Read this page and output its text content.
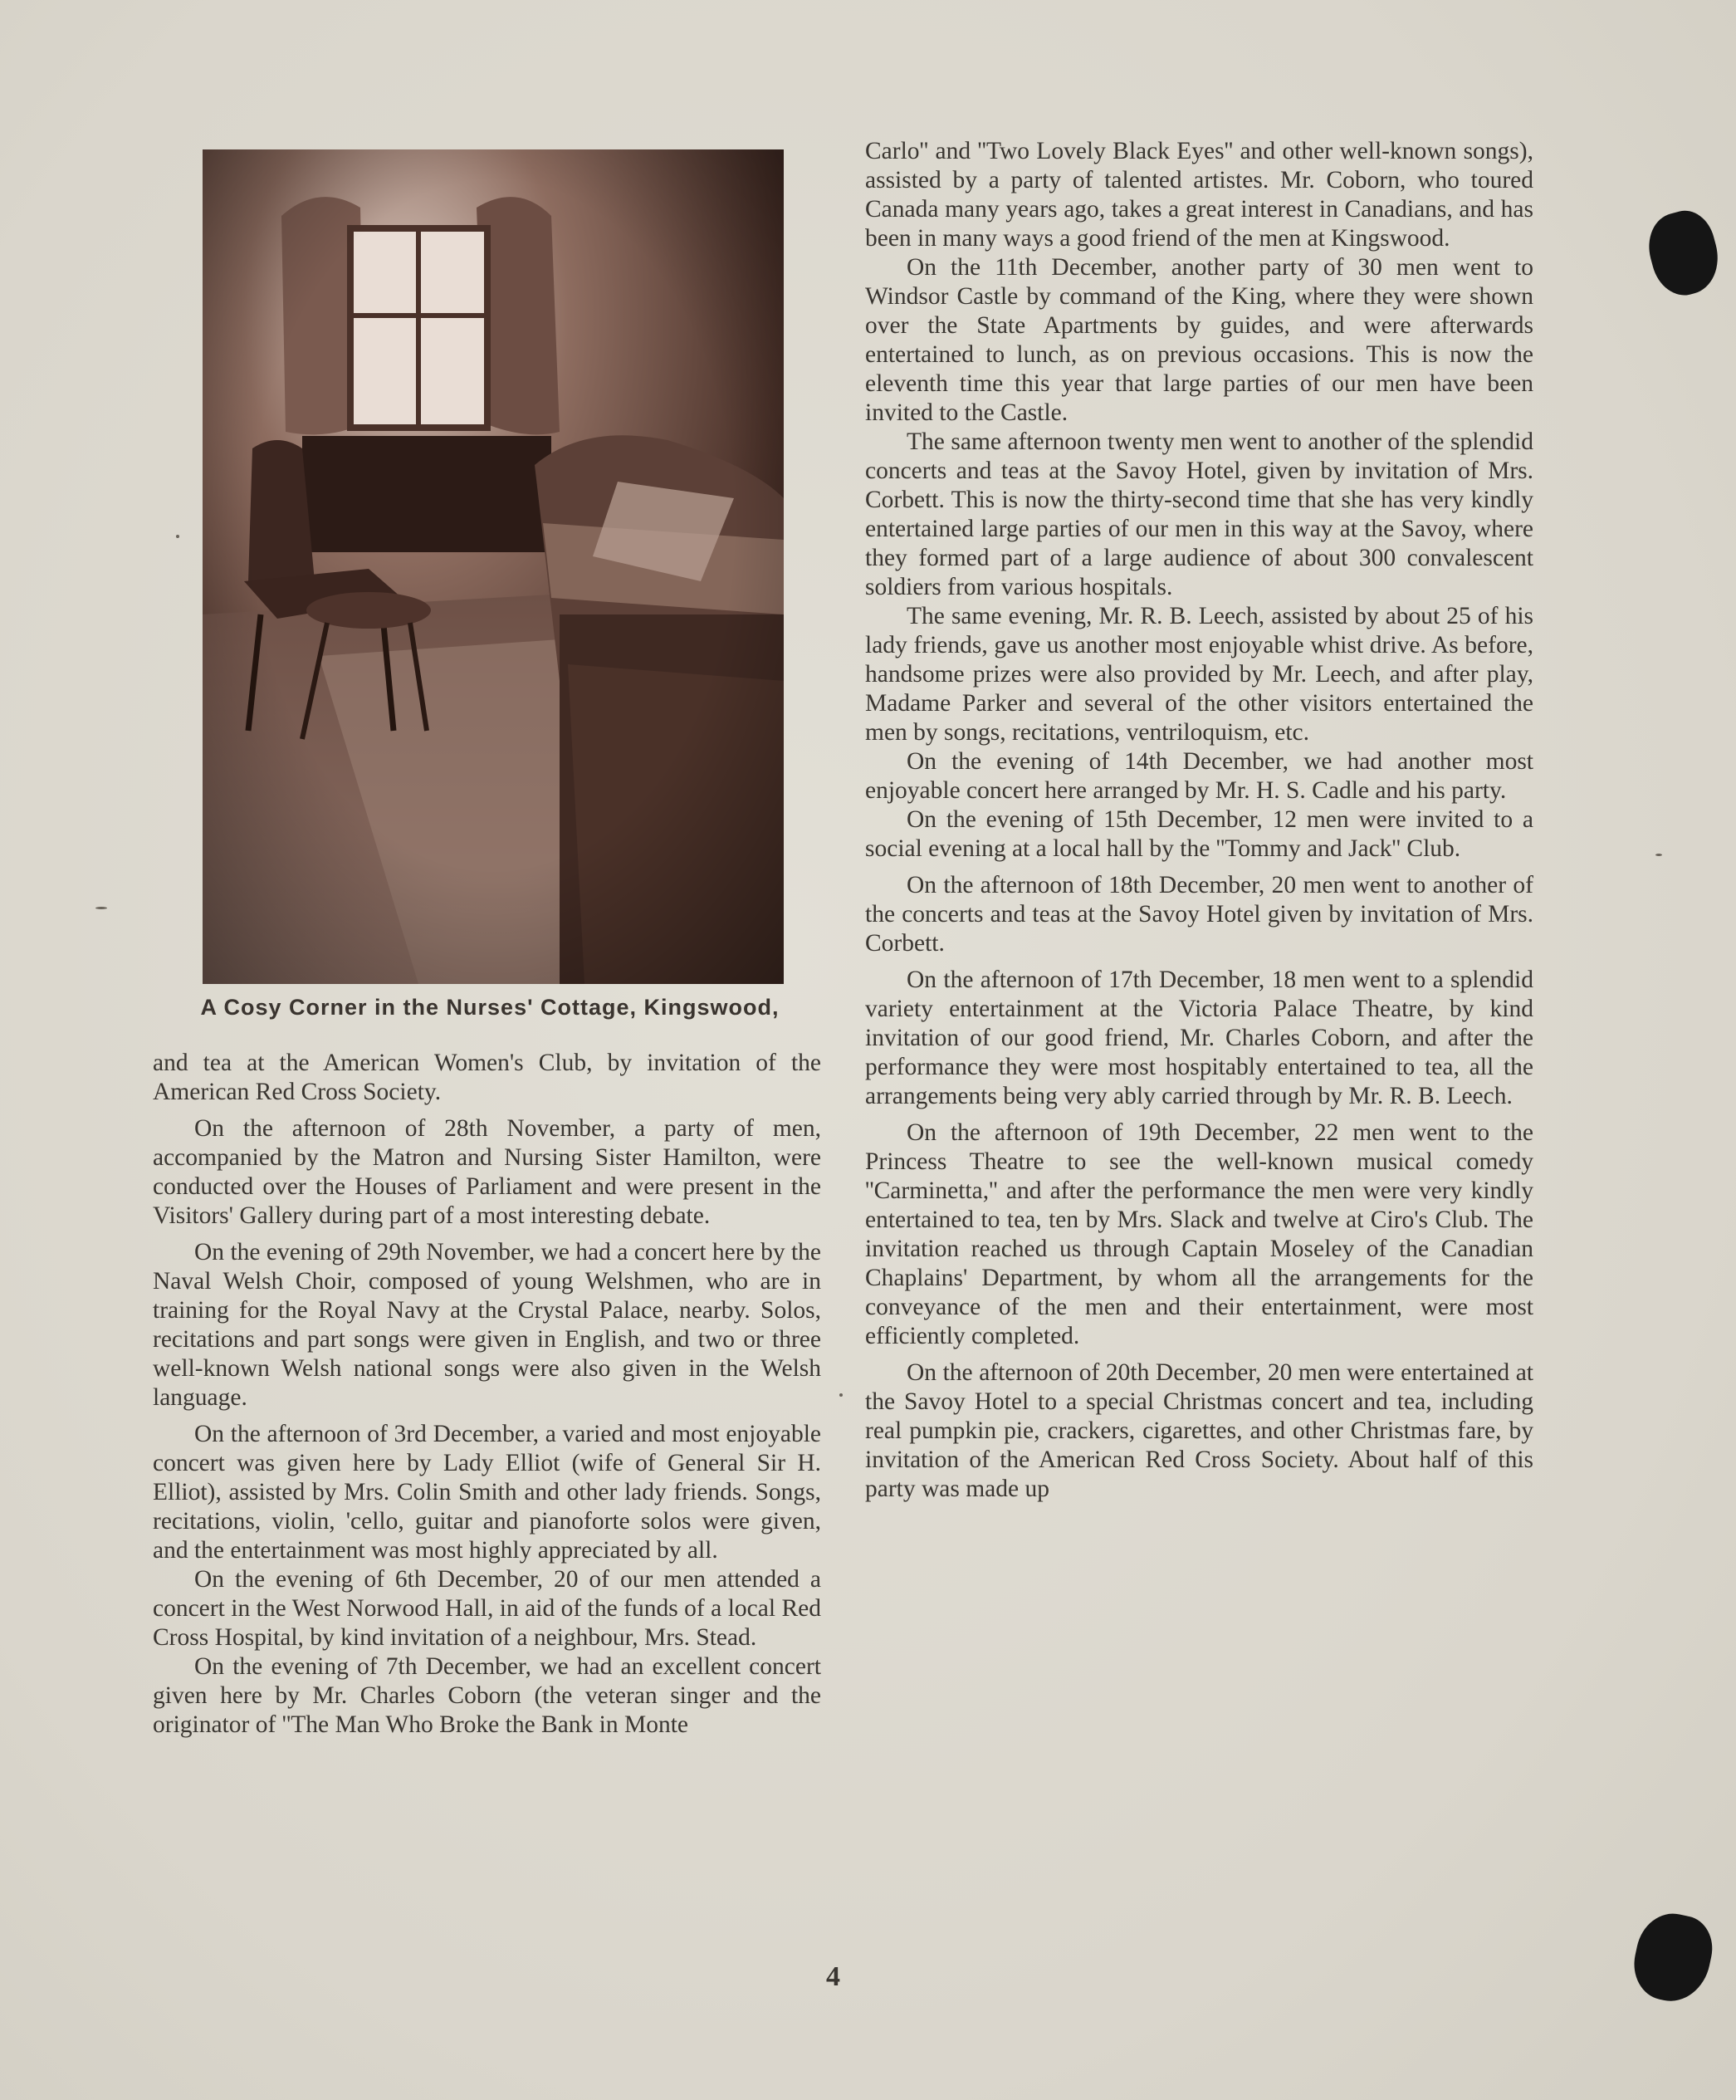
A Cosy Corner in the Nurses' Cottage, Kingswood,

and tea at the American Women's Club, by invitation of the American Red Cross Society.

On the afternoon of 28th November, a party of men, accompanied by the Matron and Nursing Sister Hamilton, were conducted over the Houses of Parliament and were present in the Visitors' Gallery during part of a most interesting debate.

On the evening of 29th November, we had a concert here by the Naval Welsh Choir, composed of young Welshmen, who are in training for the Royal Navy at the Crystal Palace, nearby. Solos, recitations and part songs were given in English, and two or three well-known Welsh national songs were also given in the Welsh language.

On the afternoon of 3rd December, a varied and most enjoyable concert was given here by Lady Elliot (wife of General Sir H. Elliot), assisted by Mrs. Colin Smith and other lady friends. Songs, recitations, violin, 'cello, guitar and pianoforte solos were given, and the entertainment was most highly appreciated by all.

On the evening of 6th December, 20 of our men attended a concert in the West Norwood Hall, in aid of the funds of a local Red Cross Hospital, by kind invitation of a neighbour, Mrs. Stead.

On the evening of 7th December, we had an excellent concert given here by Mr. Charles Coborn (the veteran singer and the originator of ''The Man Who Broke the Bank in Monte

Carlo'' and ''Two Lovely Black Eyes'' and other well-known songs), assisted by a party of talented artistes. Mr. Coborn, who toured Canada many years ago, takes a great interest in Canadians, and has been in many ways a good friend of the men at Kingswood.

On the 11th December, another party of 30 men went to Windsor Castle by command of the King, where they were shown over the State Apartments by guides, and were afterwards entertained to lunch, as on previous occasions. This is now the eleventh time this year that large parties of our men have been invited to the Castle.

The same afternoon twenty men went to another of the splendid concerts and teas at the Savoy Hotel, given by invitation of Mrs. Corbett. This is now the thirty-second time that she has very kindly entertained large parties of our men in this way at the Savoy, where they formed part of a large audience of about 300 convalescent soldiers from various hospitals.

The same evening, Mr. R. B. Leech, assisted by about 25 of his lady friends, gave us another most enjoyable whist drive. As before, handsome prizes were also provided by Mr. Leech, and after play, Madame Parker and several of the other visitors entertained the men by songs, recitations, ventriloquism, etc.

On the evening of 14th December, we had another most enjoyable concert here arranged by Mr. H. S. Cadle and his party.

On the evening of 15th December, 12 men were invited to a social evening at a local hall by the ''Tommy and Jack'' Club.

On the afternoon of 18th December, 20 men went to another of the concerts and teas at the Savoy Hotel given by invitation of Mrs. Corbett.

On the afternoon of 17th December, 18 men went to a splendid variety entertainment at the Victoria Palace Theatre, by kind invitation of our good friend, Mr. Charles Coborn, and after the performance they were most hospitably entertained to tea, all the arrangements being very ably carried through by Mr. R. B. Leech.

On the afternoon of 19th December, 22 men went to the Princess Theatre to see the well-known musical comedy ''Carminetta,'' and after the performance the men were very kindly entertained to tea, ten by Mrs. Slack and twelve at Ciro's Club. The invitation reached us through Captain Moseley of the Canadian Chaplains' Department, by whom all the arrangements for the conveyance of the men and their entertainment, were most efficiently completed.

On the afternoon of 20th December, 20 men were entertained at the Savoy Hotel to a special Christmas concert and tea, including real pumpkin pie, crackers, cigarettes, and other Christmas fare, by invitation of the American Red Cross Society. About half of this party was made up

4
